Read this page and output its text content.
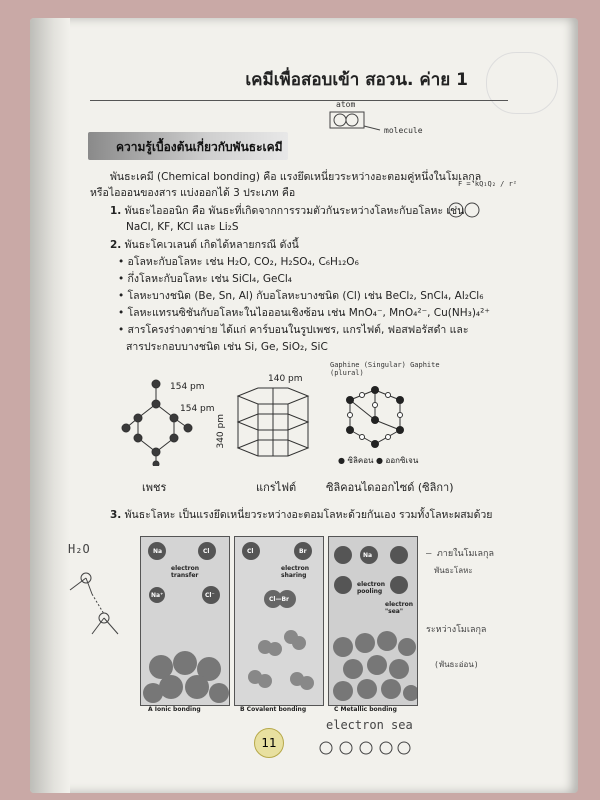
เคมีเพื่อสอบเข้า สอวน. ค่าย 1
atom
molecule
ความรู้เบื้องต้นเกี่ยวกับพันธะเคมี
พันธะเคมี (Chemical bonding) คือ แรงยึดเหนี่ยวระหว่างอะตอมคู่หนึ่งในโมเลกุล
หรือไอออนของสาร แบ่งออกได้ 3 ประเภท คือ
F = kQ₁Q₂ / r²
1. พันธะไอออนิก คือ พันธะที่เกิดจากการรวมตัวกันระหว่างโลหะกับอโลหะ เช่น
NaCl, KF, KCl และ Li₂S
2. พันธะโคเวเลนต์ เกิดได้หลายกรณี ดังนี้
• อโลหะกับอโลหะ เช่น H₂O, CO₂, H₂SO₄, C₆H₁₂O₆
• กึ่งโลหะกับอโลหะ เช่น SiCl₄, GeCl₄
• โลหะบางชนิด (Be, Sn, Al) กับอโลหะบางชนิด (Cl) เช่น BeCl₂, SnCl₄, Al₂Cl₆
• โลหะแทรนซิชันกับอโลหะในไอออนเชิงซ้อน เช่น MnO₄⁻, MnO₄²⁻, Cu(NH₃)₄²⁺
• สารโครงร่างตาข่าย ได้แก่ คาร์บอนในรูปเพชร, แกรไฟต์, ฟอสฟอรัสดำ และ
สารประกอบบางชนิด เช่น Si, Ge, SiO₂, SiC
Gaphine (Singular) Gaphite (plural)
154 pm
154 pm
เพชร
140 pm
340 pm
แกรไฟต์
● ซิลิคอน ● ออกซิเจน
ซิลิคอนไดออกไซด์ (ซิลิกา)
3. พันธะโลหะ เป็นแรงยึดเหนี่ยวระหว่างอะตอมโลหะด้วยกันเอง รวมทั้งโลหะผสมด้วย
H₂O	Na	Cl
electron transfer
Na⁺	Cl⁻
A Ionic bonding
Cl	Br
electron sharing
Cl—Br
B Covalent bonding
Na
electron pooling
electron "sea"
C Metallic bonding
– ภายในโมเลกุล
พันธะโลหะ
ระหว่างโมเลกุล
(พันธะอ่อน)
electron sea
11
